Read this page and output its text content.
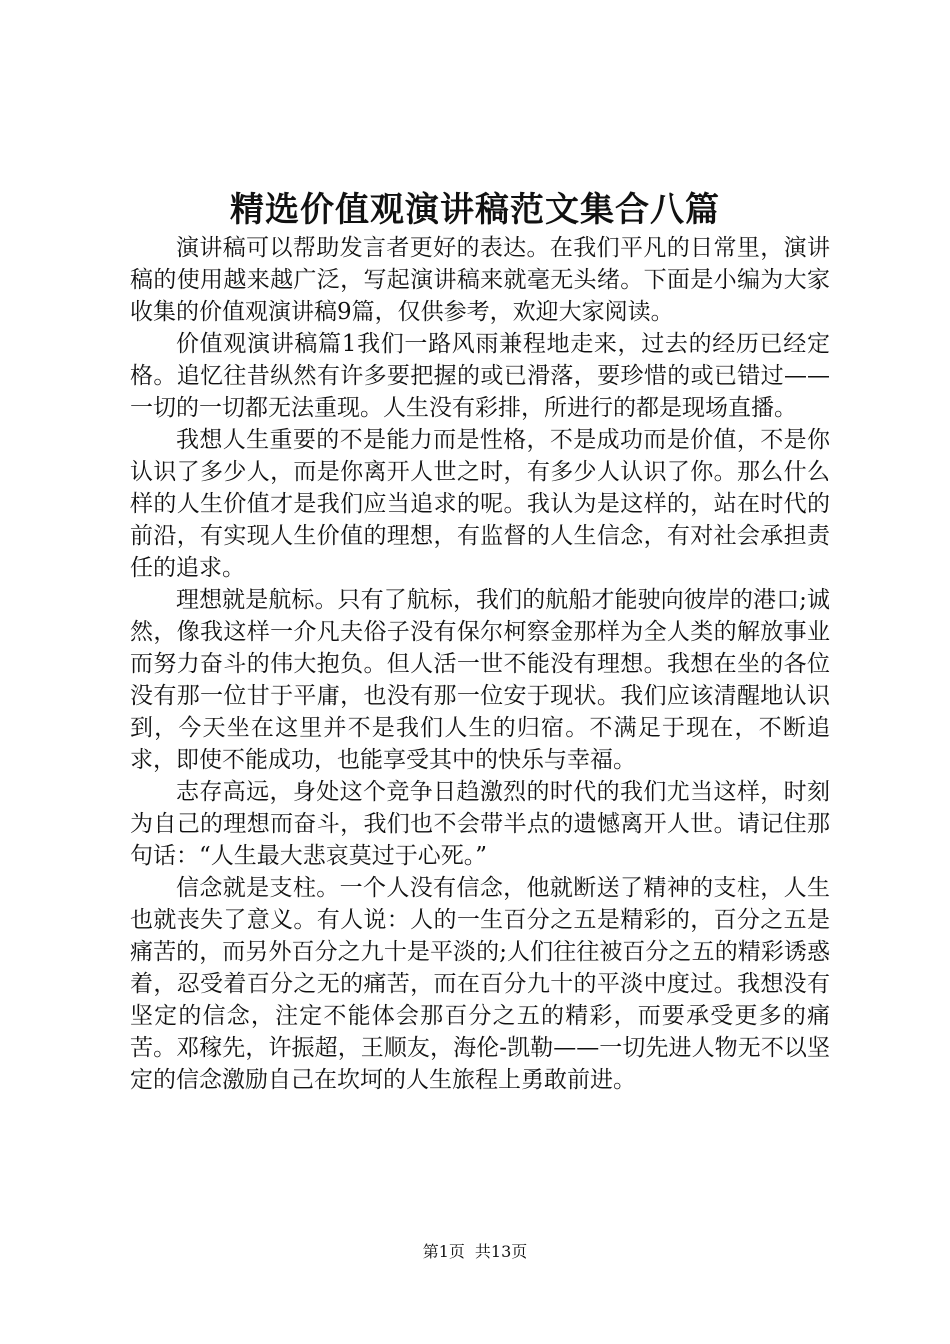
精选价值观演讲稿范文集合八篇

演讲稿可以帮助发言者更好的表达。在我们平凡的日常里，演讲稿的使用越来越广泛，写起演讲稿来就毫无头绪。下面是小编为大家收集的价值观演讲稿9篇，仅供参考，欢迎大家阅读。

价值观演讲稿篇1我们一路风雨兼程地走来，过去的经历已经定格。追忆往昔纵然有许多要把握的或已滑落，要珍惜的或已错过——一切的一切都无法重现。人生没有彩排，所进行的都是现场直播。

我想人生重要的不是能力而是性格，不是成功而是价值，不是你认识了多少人，而是你离开人世之时，有多少人认识了你。那么什么样的人生价值才是我们应当追求的呢。我认为是这样的，站在时代的前沿，有实现人生价值的理想，有监督的人生信念，有对社会承担责任的追求。

理想就是航标。只有了航标，我们的航船才能驶向彼岸的港口;诚然，像我这样一介凡夫俗子没有保尔柯察金那样为全人类的解放事业而努力奋斗的伟大抱负。但人活一世不能没有理想。我想在坐的各位没有那一位甘于平庸，也没有那一位安于现状。我们应该清醒地认识到，今天坐在这里并不是我们人生的归宿。不满足于现在，不断追求，即使不能成功，也能享受其中的快乐与幸福。

志存高远，身处这个竞争日趋激烈的时代的我们尤当这样，时刻为自己的理想而奋斗，我们也不会带半点的遗憾离开人世。请记住那句话：“人生最大悲哀莫过于心死。”

信念就是支柱。一个人没有信念，他就断送了精神的支柱，人生也就丧失了意义。有人说：人的一生百分之五是精彩的，百分之五是痛苦的，而另外百分之九十是平淡的;人们往往被百分之五的精彩诱惑着，忍受着百分之无的痛苦，而在百分九十的平淡中度过。我想没有坚定的信念，注定不能体会那百分之五的精彩，而要承受更多的痛苦。邓稼先，许振超，王顺友，海伦-凯勒——一切先进人物无不以坚定的信念激励自己在坎坷的人生旅程上勇敢前进。

第1页 共13页
